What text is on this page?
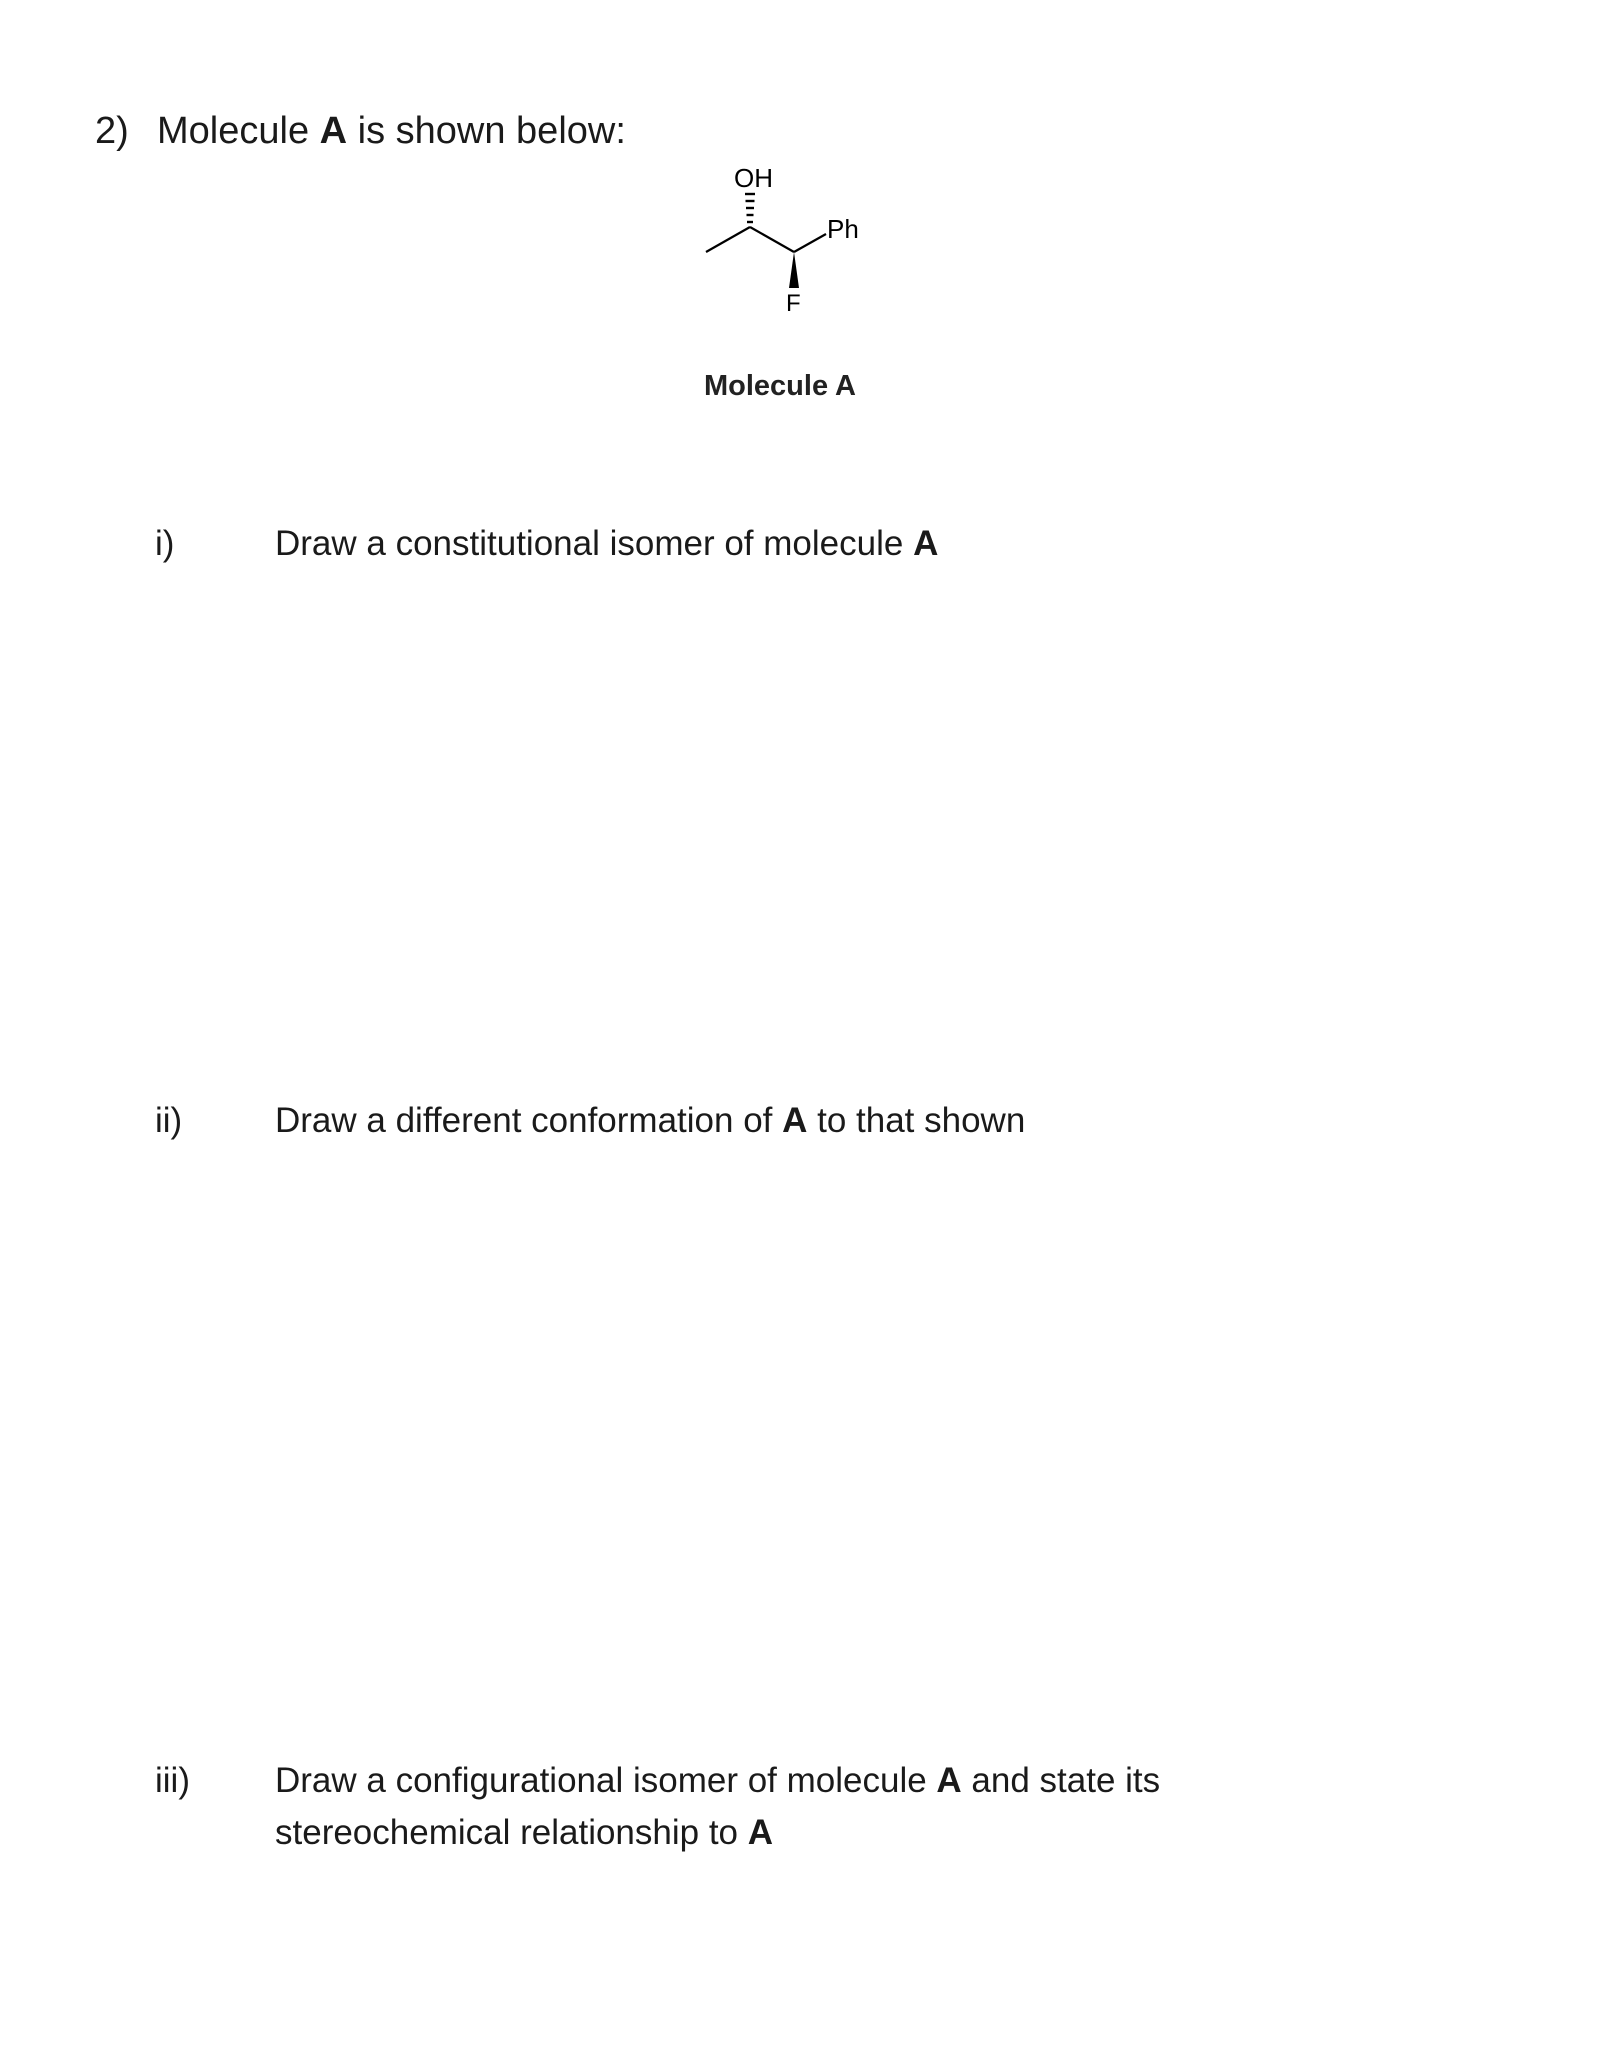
2) Molecule A is shown below:
OH
Ph
F
Molecule A
i)	Draw a constitutional isomer of molecule A
ii)	Draw a different conformation of A to that shown
iii)	Draw a configurational isomer of molecule A and state its stereochemical relationship to A
